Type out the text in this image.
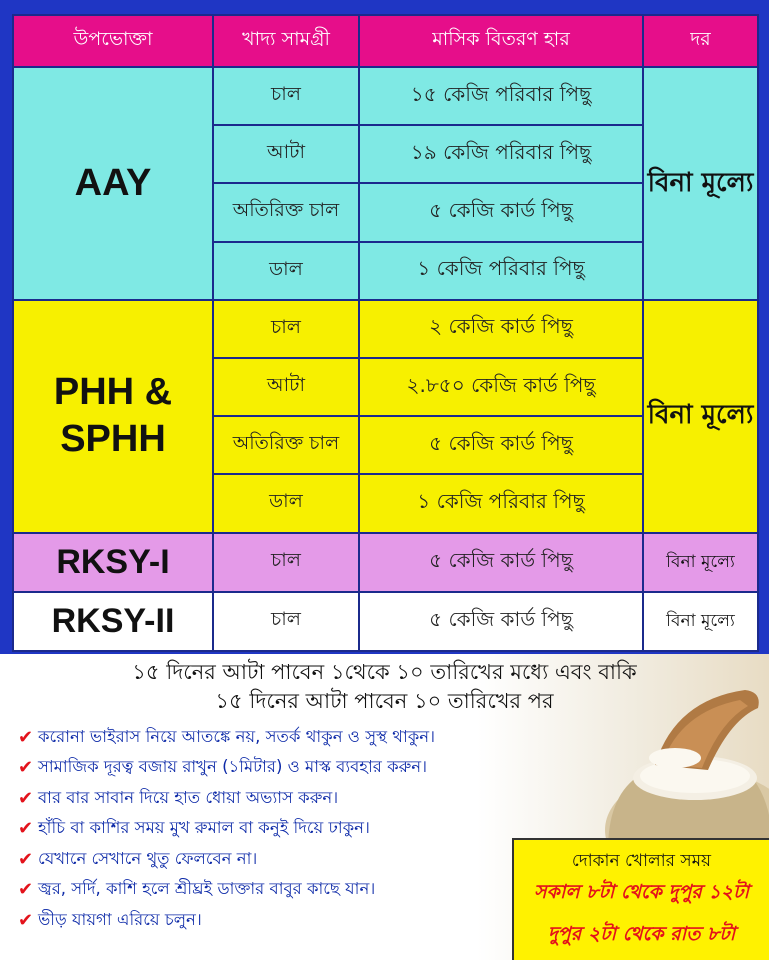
উপভোক্তা	খাদ্য সামগ্রী	মাসিক বিতরণ হার	দর
AAY	চাল	১৫ কেজি পরিবার পিছু	বিনা মূল্যে
	আটা	১৯ কেজি পরিবার পিছু	
	অতিরিক্ত চাল	৫ কেজি কার্ড পিছু	
	ডাল	১ কেজি পরিবার পিছু	
PHH & SPHH	চাল	২ কেজি কার্ড পিছু	বিনা মূল্যে
	আটা	২.৮৫০ কেজি কার্ড পিছু	
	অতিরিক্ত চাল	৫ কেজি কার্ড পিছু	
	ডাল	১ কেজি পরিবার পিছু	
RKSY-I	চাল	৫ কেজি কার্ড পিছু	বিনা মূল্যে
RKSY-II	চাল	৫ কেজি কার্ড পিছু	বিনা মূল্যে
১৫ দিনের আটা পাবেন ১থেকে ১০ তারিখের মধ্যে এবং বাকি
১৫ দিনের আটা পাবেন ১০ তারিখের পর
✔ করোনা ভাইরাস নিয়ে আতঙ্কে নয়, সতর্ক থাকুন ও সুস্থ থাকুন।
✔ সামাজিক দূরত্ব বজায় রাখুন (১মিটার) ও মাস্ক ব্যবহার করুন।
✔ বার বার সাবান দিয়ে হাত ধোয়া অভ্যাস করুন।
✔ হাঁচি বা কাশির সময় মুখ রুমাল বা কনুই দিয়ে ঢাকুন।
✔ যেখানে সেখানে থুতু ফেলবেন না।
✔ জ্বর, সর্দি, কাশি হলে শ্রীঘ্রই ডাক্তার বাবুর কাছে যান।
✔ ভীড় যায়গা এরিয়ে চলুন।
দোকান খোলার সময়
সকাল ৮টা থেকে দুপুর ১২টা
দুপুর ২টা থেকে রাত ৮টা
